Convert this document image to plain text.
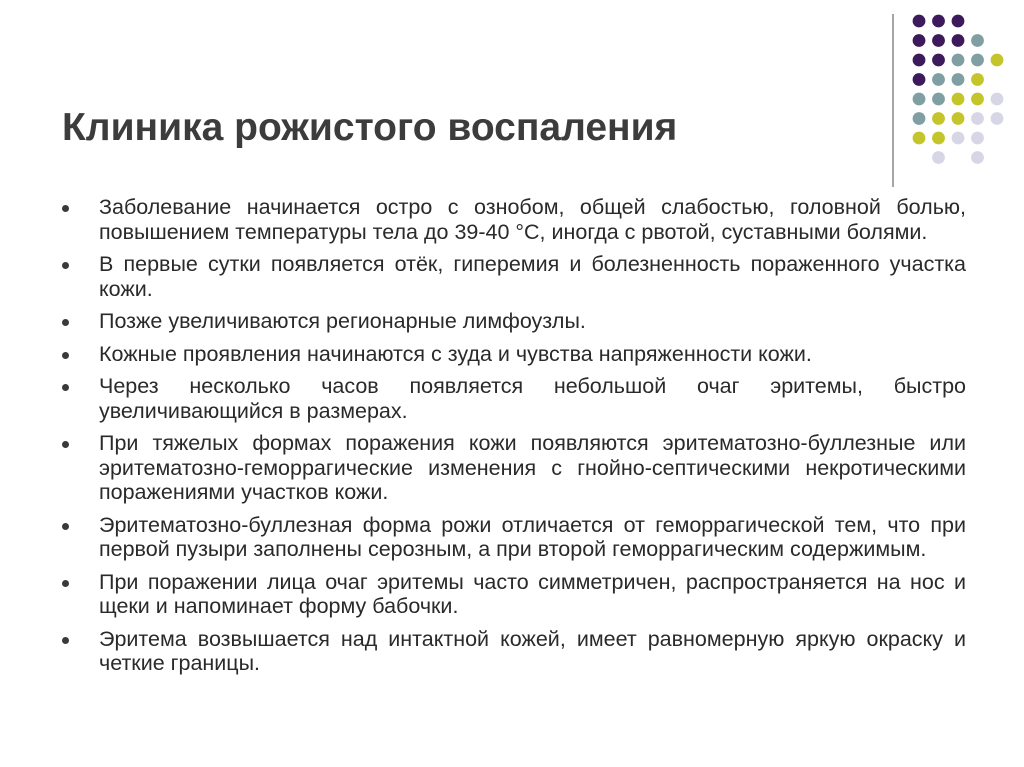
Клиника рожистого воспаления
Заболевание начинается остро с ознобом, общей слабостью, головной болью, повышением температуры тела до 39-40 °С, иногда с рвотой, суставными болями.
В первые сутки появляется отёк, гиперемия и болезненность пораженного участка кожи.
Позже увеличиваются регионарные лимфоузлы.
Кожные проявления начинаются с зуда и чувства напряженности кожи.
Через несколько часов появляется небольшой очаг эритемы, быстро увеличивающийся в размерах.
При тяжелых формах поражения кожи появляются эритематозно-буллезные или эритематозно-геморрагические изменения с гнойно-септическими некротическими поражениями участков кожи.
Эритематозно-буллезная форма рожи отличается от геморрагической тем, что при первой пузыри заполнены серозным, а при второй геморрагическим содержимым.
При поражении лица очаг эритемы часто симметричен, распространяется на нос и щеки и напоминает форму бабочки.
Эритема возвышается над интактной кожей, имеет равномерную яркую окраску и четкие границы.
